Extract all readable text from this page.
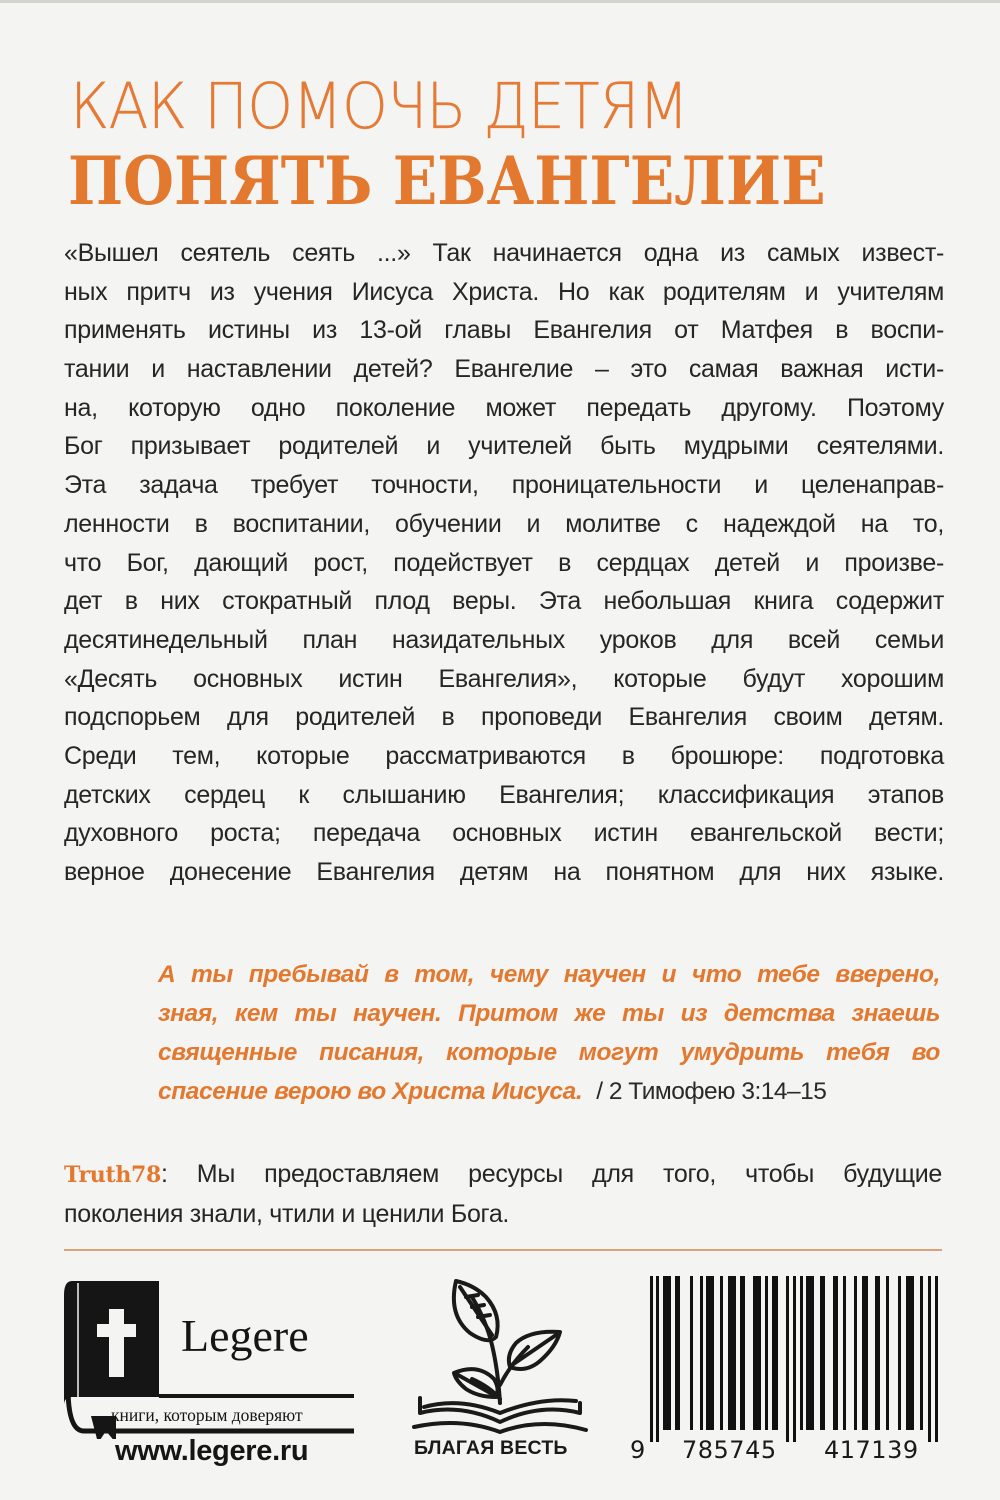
КАК ПОМОЧЬ ДЕТЯМ
ПОНЯТЬ ЕВАНГЕЛИЕ
«Вышел сеятель сеять ...» Так начинается одна из самых извест-
ных притч из учения Иисуса Христа. Но как родителям и учителям
применять истины из 13-ой главы Евангелия от Матфея в воспи-
тании и наставлении детей? Евангелие – это самая важная исти-
на, которую одно поколение может передать другому. Поэтому
Бог призывает родителей и учителей быть мудрыми сеятелями.
Эта задача требует точности, проницательности и целенаправ-
ленности в воспитании, обучении и молитве с надеждой на то,
что Бог, дающий рост, подействует в сердцах детей и произве-
дет в них стократный плод веры. Эта небольшая книга содержит
десятинедельный план назидательных уроков для всей семьи
«Десять основных истин Евангелия», которые будут хорошим
подспорьем для родителей в проповеди Евангелия своим детям.
Среди тем, которые рассматриваются в брошюре: подготовка
детских сердец к слышанию Евангелия; классификация этапов
духовного роста; передача основных истин евангельской вести;
верное донесение Евангелия детям на понятном для них языке.
А ты пребывай в том, чему научен и что тебе вверено,
зная, кем ты научен. Притом же ты из детства знаешь
священные писания, которые могут умудрить тебя во
спасение верою во Христа Иисуса. / 2 Тимофею 3:14–15
Truth78: Мы предоставляем ресурсы для того, чтобы будущие
поколения знали, чтили и ценили Бога.
Legere
книги, которым доверяют
www.legere.ru	БЛАГАЯ ВЕСТЬ	9 785745 417139
